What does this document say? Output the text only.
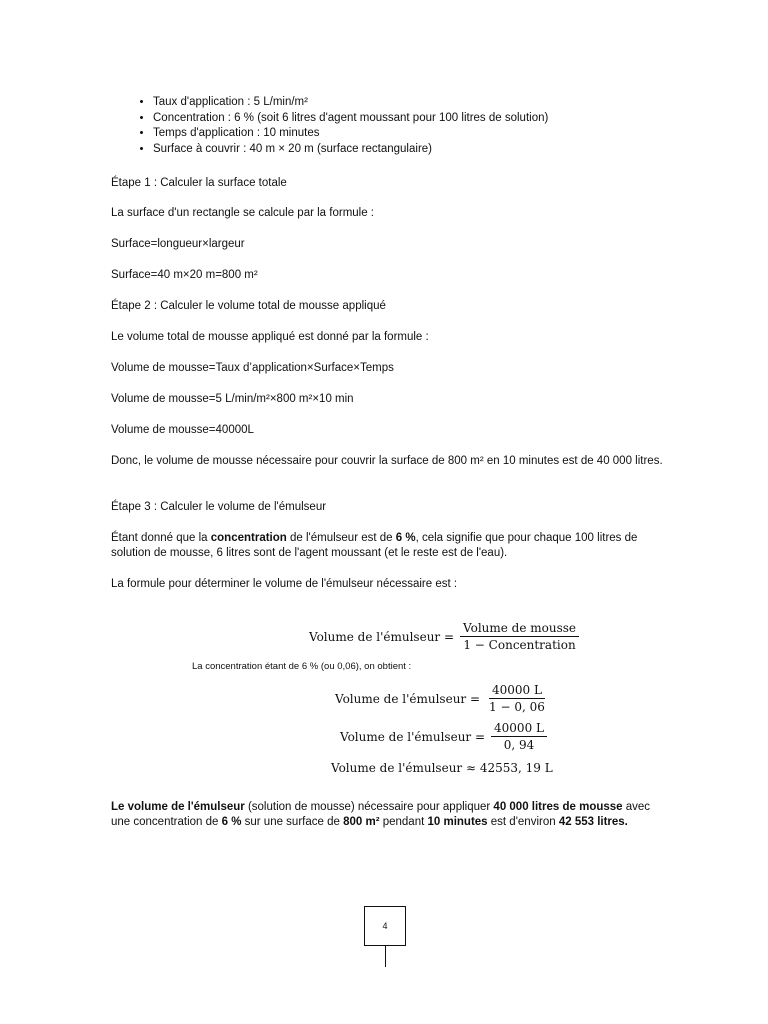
• Taux d'application : 5 L/min/m²
• Concentration : 6 % (soit 6 litres d'agent moussant pour 100 litres de solution)
• Temps d'application : 10 minutes
• Surface à couvrir : 40 m × 20 m (surface rectangulaire)
Étape 1 : Calculer la surface totale
La surface d'un rectangle se calcule par la formule :
Surface=longueur×largeur
Surface=40 m×20 m=800 m²
Étape 2 : Calculer le volume total de mousse appliqué
Le volume total de mousse appliqué est donné par la formule :
Volume de mousse=Taux d’application×Surface×Temps
Volume de mousse=5 L/min/m²×800 m²×10 min
Volume de mousse=40000L
Donc, le volume de mousse nécessaire pour couvrir la surface de 800 m² en 10 minutes est de 40 000 litres.
Étape 3 : Calculer le volume de l'émulseur
Étant donné que la concentration de l'émulseur est de 6 %, cela signifie que pour chaque 100 litres de solution de mousse, 6 litres sont de l'agent moussant (et le reste est de l'eau).
La formule pour déterminer le volume de l'émulseur nécessaire est :
Volume de l'émulseur = $\frac{\text{Volume de mousse}}{\text{1 − Concentration}}$
La concentration étant de 6 % (ou 0,06), on obtient :
Volume de l'émulseur = $\frac{40000 L}{1 - 0, 06}$
Volume de l'émulseur = $\frac{40000 L}{0, 94}$
Volume de l'émulseur ≈ 42553, 19 L
Le volume de l'émulseur (solution de mousse) nécessaire pour appliquer 40 000 litres de mousse avec une concentration de 6 % sur une surface de 800 m² pendant 10 minutes est d'environ 42 553 litres.
4
